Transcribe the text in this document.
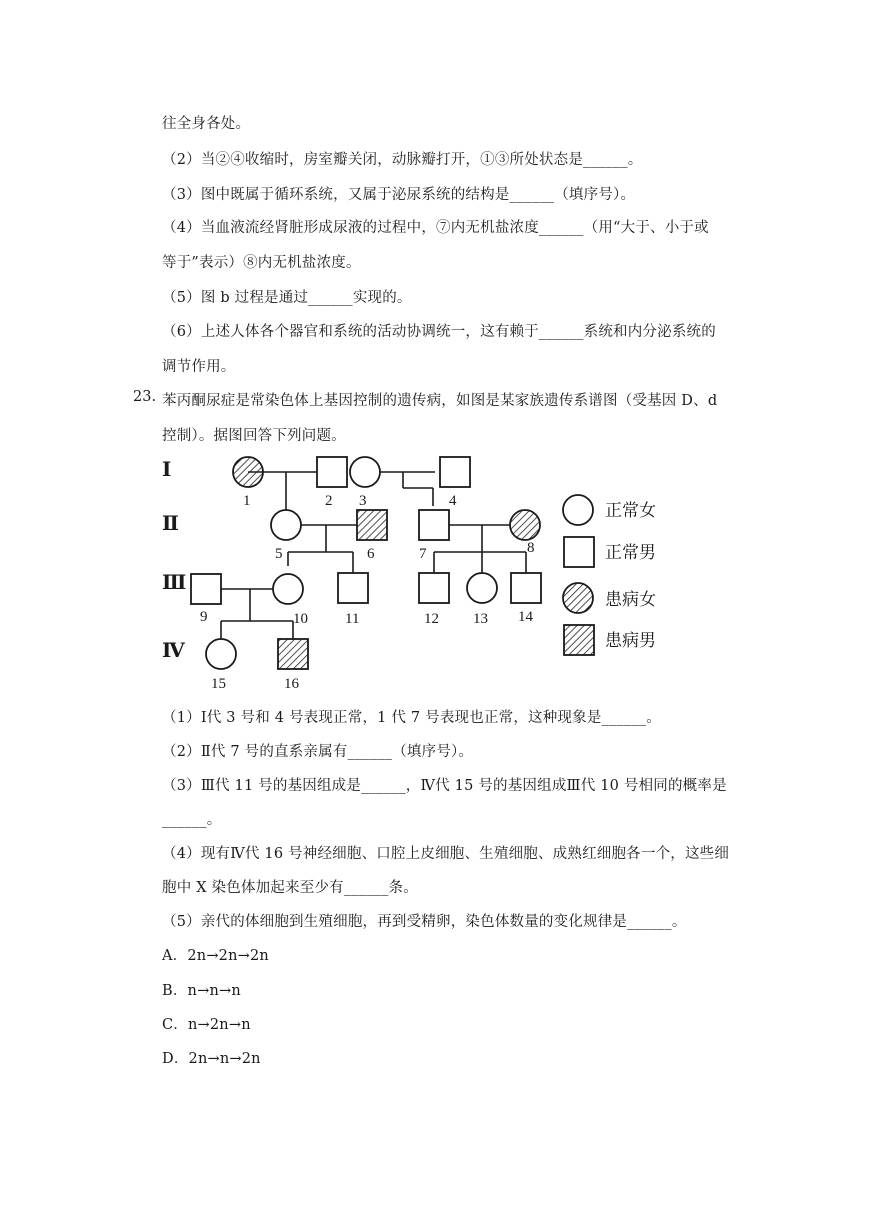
往全身各处。
（2）当②④收缩时，房室瓣关闭，动脉瓣打开，①③所处状态是______。
（3）图中既属于循环系统，又属于泌尿系统的结构是______（填序号）。
（4）当血液流经肾脏形成尿液的过程中，⑦内无机盐浓度______（用“大于、小于或
等于”表示）⑧内无机盐浓度。
（5）图 b 过程是通过______实现的。
（6）上述人体各个器官和系统的活动协调统一，这有赖于______系统和内分泌系统的
调节作用。
23. 苯丙酮尿症是常染色体上基因控制的遗传病，如图是某家族遗传系谱图（受基因 D、d
控制）。据图回答下列问题。
Ⅰ
Ⅱ
Ⅲ
Ⅳ
1	2 3	4
5	6	7	8
9	10 11	12 13 14
15	16
正常女
正常男
患病女
患病男
（1）Ⅰ代 3 号和 4 号表现正常，1 代 7 号表现也正常，这种现象是______。
（2）Ⅱ代 7 号的直系亲属有______（填序号）。
（3）Ⅲ代 11 号的基因组成是______，Ⅳ代 15 号的基因组成Ⅲ代 10 号相同的概率是
______。
（4）现有Ⅳ代 16 号神经细胞、口腔上皮细胞、生殖细胞、成熟红细胞各一个，这些细
胞中 X 染色体加起来至少有______条。
（5）亲代的体细胞到生殖细胞，再到受精卵，染色体数量的变化规律是______。
A．2n→2n→2n
B．n→n→n
C．n→2n→n
D．2n→n→2n
